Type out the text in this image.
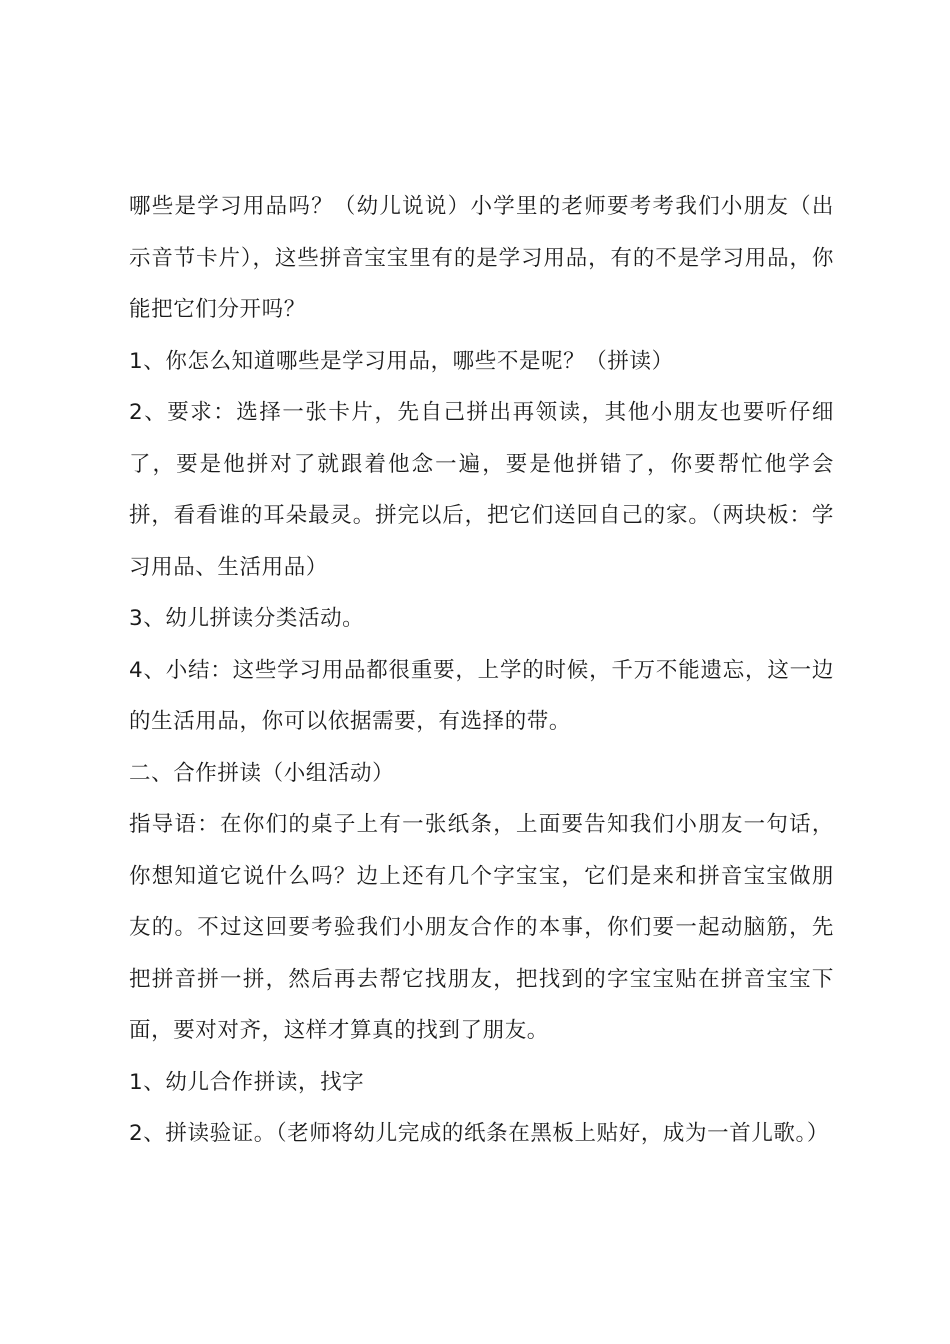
哪些是学习用品吗？（幼儿说说）小学里的老师要考考我们小朋友（出示音节卡片），这些拼音宝宝里有的是学习用品，有的不是学习用品，你能把它们分开吗？

1、你怎么知道哪些是学习用品，哪些不是呢？（拼读）

2、要求：选择一张卡片，先自己拼出再领读，其他小朋友也要听仔细了，要是他拼对了就跟着他念一遍，要是他拼错了，你要帮忙他学会拼，看看谁的耳朵最灵。拼完以后，把它们送回自己的家。（两块板：学习用品、生活用品）

3、幼儿拼读分类活动。

4、小结：这些学习用品都很重要，上学的时候，千万不能遗忘，这一边的生活用品，你可以依据需要，有选择的带。

二、合作拼读（小组活动）

指导语：在你们的桌子上有一张纸条，上面要告知我们小朋友一句话，你想知道它说什么吗？边上还有几个字宝宝，它们是来和拼音宝宝做朋友的。不过这回要考验我们小朋友合作的本事，你们要一起动脑筋，先把拼音拼一拼，然后再去帮它找朋友，把找到的字宝宝贴在拼音宝宝下面，要对对齐，这样才算真的找到了朋友。

1、幼儿合作拼读，找字

2、拼读验证。（老师将幼儿完成的纸条在黑板上贴好，成为一首儿歌。）
